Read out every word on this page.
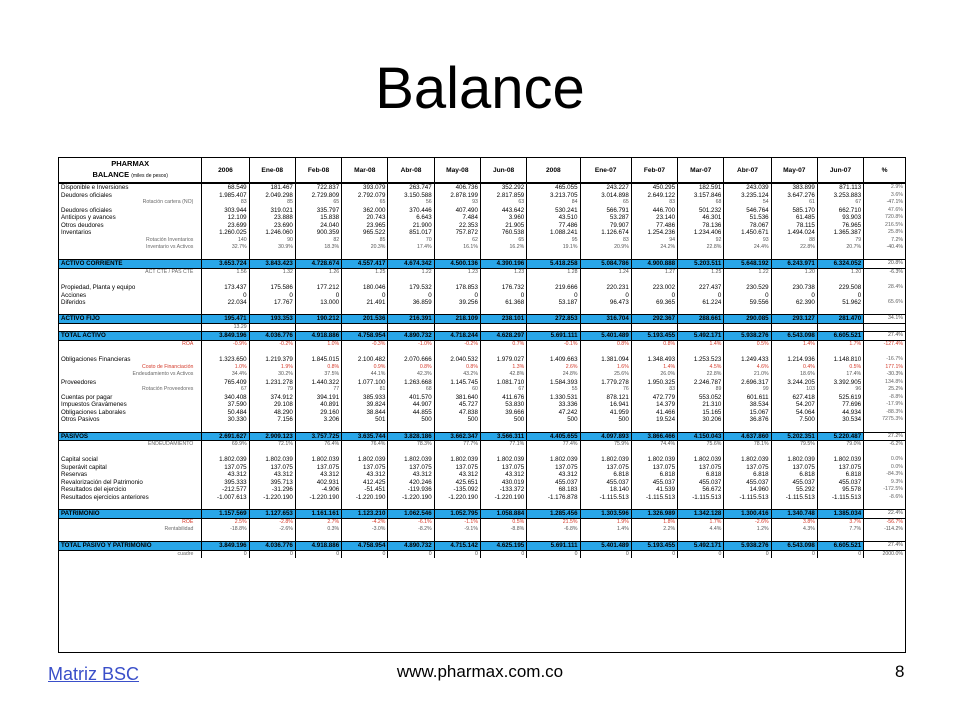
Balance
PHARMAX
BALANCE (miles de pesos)	2006	Ene-08	Feb-08	Mar-08	Abr-08	May-08	Jun-08	2008	Ene-07	Feb-07	Mar-07	Abr-07	May-07	Jun-07	%
Disponible e Inversiones	68.549	181.467	722.837	393.079	263.747	406.736	352.292	465.055	243.227	450.295	182.591	243.039	383.899	871.113	2.9%
Deudores oficiales	1.985.407	2.049.298	2.729.809	2.792.079	3.150.588	2.878.199	2.817.859	3.213.705	3.014.898	2.649.122	3.157.846	3.235.124	3.647.276	3.253.883	3.6%
Rotación cartera (NO)	83	85	65	65	56	93	63	84	65	83	68	54	61	67	-47.1%
Deudores oficiales	303.944	319.021	335.797	362.000	370.446	407.490	443.642	530.241	566.791	446.700	501.232	546.764	585.170	662.710	47.6%
Anticipos y avances	12.109	23.888	15.838	20.743	6.643	7.484	3.960	43.510	53.287	23.140	46.301	51.536	61.485	93.903	720.8%
Otros deudores	23.699	23.690	24.040	23.965	21.900	22.353	21.905	77.486	79.907	77.486	78.136	78.067	78.115	76.965	216.5%
Inventarios	1.260.025	1.246.060	900.359	965.522	851.017	757.872	760.538	1.088.241	1.126.674	1.254.236	1.234.406	1.450.671	1.494.024	1.365.387	25.8%
Rotación Inventarios	140	90	82	85	70	62	65	95	83	94	92	93	88	79	7.2%
Inventario vs Activos	32.7%	30.9%	18.3%	20.3%	17.4%	16.1%	16.2%	19.1%	20.9%	24.2%	22.8%	24.4%	22.8%	20.7%	-40.4%

ACTIVO CORRIENTE	3.653.724	3.843.423	4.728.674	4.557.417	4.674.342	4.500.136	4.390.196	5.418.258	5.084.786	4.900.888	5.203.511	5.648.192	6.243.971	6.324.052	20.8%
ACT CTE / PAS CTE	1.56	1.32	1.26	1.25	1.22	1.23	1.23	1.28	1.24	1.27	1.25	1.22	1.20	1.20	-6.3%

Propiedad, Planta y equipo	173.437	175.586	177.212	180.046	179.532	178.853	176.732	219.666	220.231	223.002	227.437	230.529	230.738	229.508	28.4%
Acciones	0	0	0	0	0	0	0	0	0	0	0	0	0	0	
Diferidos	22.034	17.767	13.000	21.491	36.859	39.256	61.368	53.187	96.473	69.365	61.224	59.556	62.390	51.962	65.6%

ACTIVO FIJO	195.471	193.353	190.212	201.536	216.391	218.109	238.101	272.853	316.704	292.367	288.661	290.085	293.127	281.470	34.1%
	13.29														
TOTAL ACTIVO	3.849.196	4.036.776	4.918.886	4.758.954	4.890.732	4.718.244	4.628.297	5.691.111	5.401.489	5.193.455	5.492.171	5.938.276	6.543.098	6.605.521	27.4%
ROA	-0.9%	-0.2%	1.0%	-0.3%	-1.0%	-0.2%	0.7%	-0.1%	0.8%	0.8%	1.4%	0.5%	1.4%	1.7%	-127.4%

Obligaciones Financieras	1.323.650	1.219.379	1.845.015	2.100.482	2.070.666	2.040.532	1.979.027	1.409.663	1.381.094	1.348.493	1.253.523	1.249.433	1.214.936	1.148.810	-16.7%
Costo de Financiación	1.0%	1.9%	0.8%	0.9%	0.8%	0.8%	1.3%	2.6%	1.6%	1.4%	4.5%	4.6%	0.4%	0.5%	177.1%
Endeudamiento vs Activos	34.4%	30.2%	37.5%	44.1%	42.3%	43.2%	42.8%	24.8%	25.6%	26.0%	22.8%	21.0%	18.6%	17.4%	-30.3%
Proveedores	765.409	1.231.278	1.440.322	1.077.100	1.263.668	1.145.745	1.081.710	1.584.393	1.779.278	1.950.325	2.246.787	2.696.317	3.244.205	3.392.905	134.8%
Rotación Proveedores	67	79	77	81	68	60	67	55	76	83	89	99	103	96	25.2%
Cuentas por pagar	340.408	374.912	394.191	385.933	401.570	381.640	411.676	1.330.531	878.121	472.779	553.052	601.611	627.418	525.619	-8.8%
Impuestos Gravámenes	37.590	29.108	40.891	39.824	44.907	45.727	53.830	33.336	16.941	14.379	21.310	38.534	54.207	77.696	-17.9%
Obligaciones Laborales	50.484	48.290	29.160	38.844	44.855	47.838	39.666	47.242	41.959	41.466	15.165	15.067	54.064	44.934	-88.3%
Otros Pasivos	30.330	7.156	3.206	501	500	500	500	500	500	19.524	30.206	36.876	7.500	30.534	7275.3%

PASIVOS	2.691.627	2.909.123	3.757.725	3.635.744	3.828.186	3.662.347	3.566.311	4.405.655	4.097.893	3.866.466	4.150.043	4.637.860	5.202.351	5.220.487	27.2%
ENDEUDAMIENTO	69.9%	72.1%	76.4%	76.4%	78.3%	77.7%	77.1%	77.4%	75.9%	74.4%	75.6%	78.1%	79.5%	79.0%	-6.2%

Capital social	1.802.039	1.802.039	1.802.039	1.802.039	1.802.039	1.802.039	1.802.039	1.802.039	1.802.039	1.802.039	1.802.039	1.802.039	1.802.039	1.802.039	0.0%
Superávit capital	137.075	137.075	137.075	137.075	137.075	137.075	137.075	137.075	137.075	137.075	137.075	137.075	137.075	137.075	0.0%
Reservas	43.312	43.312	43.312	43.312	43.312	43.312	43.312	43.312	6.818	6.818	6.818	6.818	6.818	6.818	-84.3%
Revalorización del Patrimonio	395.333	395.713	402.931	412.425	420.246	425.651	430.019	455.037	455.037	455.037	455.037	455.037	455.037	455.037	9.3%
Resultados del ejercicio	-212.577	-31.296	-4.906	-51.451	-119.936	-135.092	-133.372	68.183	18.140	41.539	56.672	14.960	55.292	95.578	-172.5%
Resultados ejercicios anteriores	-1.007.613	-1.220.190	-1.220.190	-1.220.190	-1.220.190	-1.220.190	-1.220.190	-1.176.878	-1.115.513	-1.115.513	-1.115.513	-1.115.513	-1.115.513	-1.115.513	-8.6%

PATRIMONIO	1.157.569	1.127.653	1.161.161	1.123.210	1.062.546	1.052.795	1.058.884	1.285.456	1.303.596	1.326.989	1.342.128	1.300.416	1.340.748	1.385.034	22.4%
ROE	2.5%	-2.8%	2.7%	-4.2%	-6.1%	-1.1%	0.5%	21.5%	1.9%	1.8%	1.7%	-2.6%	3.8%	3.7%	-56.7%
Rentabilidad	-18.8%	-2.6%	0.3%	-3.0%	-8.2%	-9.1%	-8.8%	-6.8%	1.4%	2.2%	4.4%	1.2%	4.3%	7.7%	-114.2%

TOTAL PASIVO Y PATRIMONIO	3.849.196	4.036.776	4.918.886	4.758.954	4.890.732	4.715.142	4.625.195	5.691.111	5.401.489	5.193.455	5.492.171	5.938.276	6.543.098	6.605.521	27.4%
cuadre	0	0	0	0	0	0	0	0	0	0	0	0	0	0	2000.0%
Matriz BSC	www.pharmax.com.co	8
